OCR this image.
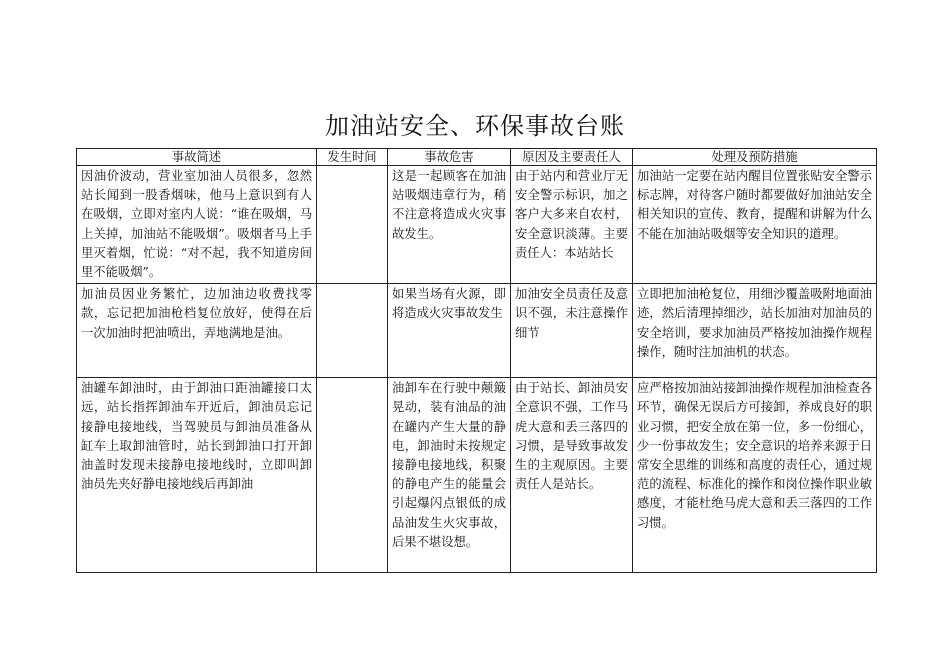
加油站安全、环保事故台账
事故简述	发生时间	事故危害	原因及主要责任人	处理及预防措施
因油价波动，营业室加油人员很多，忽然站长闻到一股香烟味，他马上意识到有人在吸烟，立即对室内人说：“谁在吸烟，马上关掉，加油站不能吸烟”。吸烟者马上手里灭着烟，忙说：“对不起，我不知道房间里不能吸烟”。		这是一起顾客在加油站吸烟违章行为，稍不注意将造成火灾事故发生。	由于站内和营业厅无安全警示标识，加之客户大多来自农村，安全意识淡薄。主要责任人：本站站长	加油站一定要在站内醒目位置张贴安全警示标志牌，对待客户随时都要做好加油站安全相关知识的宣传、教育，提醒和讲解为什么不能在加油站吸烟等安全知识的道理。
加油员因业务繁忙，边加油边收费找零款，忘记把加油枪档复位放好，使得在后一次加油时把油喷出，弄地满地是油。		如果当场有火源，即将造成火灾事故发生	加油安全员责任及意识不强，未注意操作细节	立即把加油枪复位，用细沙覆盖吸附地面油迹，然后清理掉细沙，站长加油对加油员的安全培训，要求加油员严格按加油操作规程操作，随时注加油机的状态。
油罐车卸油时，由于卸油口距油罐接口太远，站长指挥卸油车开近后，卸油员忘记接静电接地线，当驾驶员与卸油员准备从缸车上取卸油管时，站长到卸油口打开卸油盖时发现未接静电接地线时，立即叫卸油员先夹好静电接地线后再卸油		油卸车在行驶中颠簸晃动，装有油品的油在罐内产生大量的静电，卸油时未按规定接静电接地线，积聚的静电产生的能量会引起爆闪点银低的成品油发生火灾事故，后果不堪设想。	由于站长、卸油员安全意识不强，工作马虎大意和丢三落四的习惯，是导致事故发生的主观原因。主要责任人是站长。	应严格按加油站接卸油操作规程加油检查各环节，确保无误后方可接卸，养成良好的职业习惯，把安全放在第一位，多一份细心，少一份事故发生；安全意识的培养来源于日常安全思维的训练和高度的责任心，通过规范的流程、标准化的操作和岗位操作职业敏感度，才能杜绝马虎大意和丢三落四的工作习惯。
